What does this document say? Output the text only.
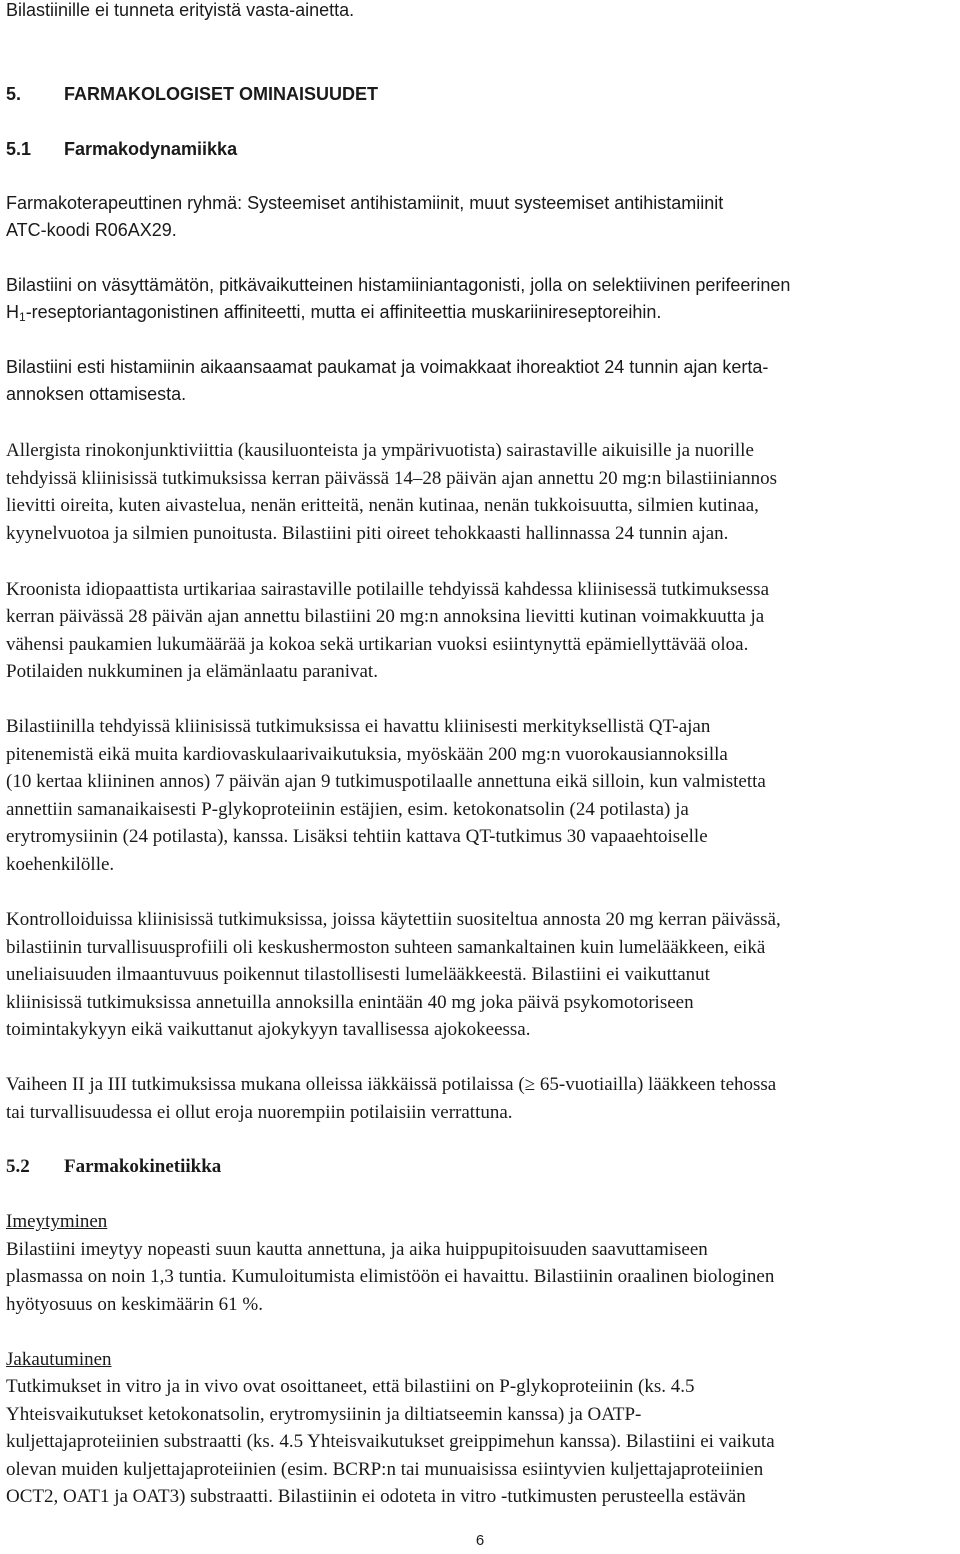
Bilastiinille ei tunneta erityistä vasta-ainetta.
5. FARMAKOLOGISET OMINAISUUDET
5.1 Farmakodynamiikka
Farmakoterapeuttinen ryhmä: Systeemiset antihistamiinit, muut systeemiset antihistamiinit
ATC-koodi R06AX29.
Bilastiini on väsyttämätön, pitkävaikutteinen histamiiniantagonisti, jolla on selektiivinen perifeerinen
$H_1$-reseptoriantagonistinen affiniteetti, mutta ei affiniteettia muskariinireseptoreihin.
Bilastiini esti histamiinin aikaansaamat paukamat ja voimakkaat ihoreaktiot 24 tunnin ajan kerta-
annoksen ottamisesta.
Allergista rinokonjunktiviittia (kausiluonteista ja ympärivuotista) sairastaville aikuisille ja nuorille
tehdyissä kliinisissä tutkimuksissa kerran päivässä 14–28 päivän ajan annettu 20 mg:n bilastiiniannos
lievitti oireita, kuten aivastelua, nenän eritteitä, nenän kutinaa, nenän tukkoisuutta, silmien kutinaa,
kyynelvuotoa ja silmien punoitusta. Bilastiini piti oireet tehokkaasti hallinnassa 24 tunnin ajan.
Kroonista idiopaattista urtikariaa sairastaville potilaille tehdyissä kahdessa kliinisessä tutkimuksessa
kerran päivässä 28 päivän ajan annettu bilastiini 20 mg:n annoksina lievitti kutinan voimakkuutta ja
vähensi paukamien lukumäärää ja kokoa sekä urtikarian vuoksi esiintynyttä epämiellyttävää oloa.
Potilaiden nukkuminen ja elämänlaatu paranivat.
Bilastiinilla tehdyissä kliinisissä tutkimuksissa ei havattu kliinisesti merkityksellistä QT-ajan
pitenemistä eikä muita kardiovaskulaarivaikutuksia, myöskään 200 mg:n vuorokausiannoksilla
(10 kertaa kliininen annos) 7 päivän ajan 9 tutkimuspotilaalle annettuna eikä silloin, kun valmistetta
annettiin samanaikaisesti P-glykoproteiinin estäjien, esim. ketokonatsolin (24 potilasta) ja
erytromysiinin (24 potilasta), kanssa. Lisäksi tehtiin kattava QT-tutkimus 30 vapaaehtoiselle
koehenkilölle.
Kontrolloiduissa kliinisissä tutkimuksissa, joissa käytettiin suositeltua annosta 20 mg kerran päivässä,
bilastiinin turvallisuusprofiili oli keskushermoston suhteen samankaltainen kuin lumelääkkeen, eikä
uneliaisuuden ilmaantuvuus poikennut tilastollisesti lumelääkkeestä. Bilastiini ei vaikuttanut
kliinisissä tutkimuksissa annetuilla annoksilla enintään 40 mg joka päivä psykomotoriseen
toimintakykyyn eikä vaikuttanut ajokykyyn tavallisessa ajokokeessa.
Vaiheen II ja III tutkimuksissa mukana olleissa iäkkäissä potilaissa (≥ 65-vuotiailla) lääkkeen tehossa
tai turvallisuudessa ei ollut eroja nuorempiin potilaisiin verrattuna.
5.2 Farmakokinetiikka
Imeytyminen
Bilastiini imeytyy nopeasti suun kautta annettuna, ja aika huippupitoisuuden saavuttamiseen
plasmassa on noin 1,3 tuntia. Kumuloitumista elimistöön ei havaittu. Bilastiinin oraalinen biologinen
hyötyosuus on keskimäärin 61 %.
Jakautuminen
Tutkimukset in vitro ja in vivo ovat osoittaneet, että bilastiini on P-glykoproteiinin (ks. 4.5
Yhteisvaikutukset ketokonatsolin, erytromysiinin ja diltiatseemin kanssa) ja OATP-
kuljettajaproteiinien substraatti (ks. 4.5 Yhteisvaikutukset greippimehun kanssa). Bilastiini ei vaikuta
olevan muiden kuljettajaproteiinien (esim. BCRP:n tai munuaisissa esiintyvien kuljettajaproteiinien
OCT2, OAT1 ja OAT3) substraatti. Bilastiinin ei odoteta in vitro -tutkimusten perusteella estävän
6
